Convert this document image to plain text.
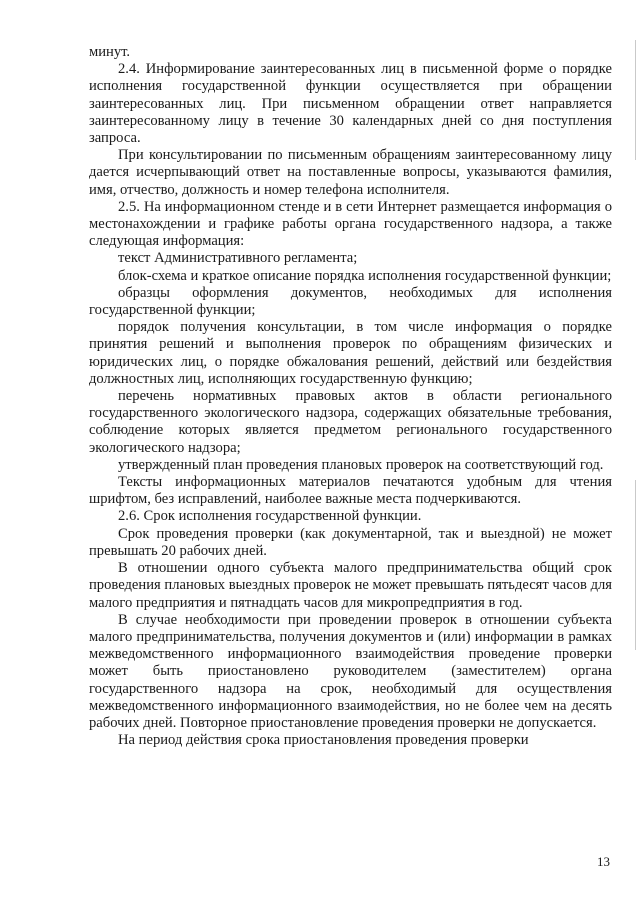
минут.

2.4. Информирование заинтересованных лиц в письменной форме о порядке исполнения государственной функции осуществляется при обращении заинтересованных лиц. При письменном обращении ответ направляется заинтересованному лицу в течение 30 календарных дней со дня поступления запроса.

При консультировании по письменным обращениям заинтересованному лицу дается исчерпывающий ответ на поставленные вопросы, указываются фамилия, имя, отчество, должность и номер телефона исполнителя.

2.5. На информационном стенде и в сети Интернет размещается информация о местонахождении и графике работы органа государственного надзора, а также следующая информация:

текст Административного регламента;

блок-схема и краткое описание порядка исполнения государственной функции;

образцы оформления документов, необходимых для исполнения государственной функции;

порядок получения консультации, в том числе информация о порядке принятия решений и выполнения проверок по обращениям физических и юридических лиц, о порядке обжалования решений, действий или бездействия должностных лиц, исполняющих государственную функцию;

перечень нормативных правовых актов в области регионального государственного экологического надзора, содержащих обязательные требования, соблюдение которых является предметом регионального государственного экологического надзора;

утвержденный план проведения плановых проверок на соответствующий год.

Тексты информационных материалов печатаются удобным для чтения шрифтом, без исправлений, наиболее важные места подчеркиваются.

2.6. Срок исполнения государственной функции.

Срок проведения проверки (как документарной, так и выездной) не может превышать 20 рабочих дней.

В отношении одного субъекта малого предпринимательства общий срок проведения плановых выездных проверок не может превышать пятьдесят часов для малого предприятия и пятнадцать часов для микропредприятия в год.

В случае необходимости при проведении проверок в отношении субъекта малого предпринимательства, получения документов и (или) информации в рамках межведомственного информационного взаимодействия проведение проверки может быть приостановлено руководителем (заместителем) органа государственного надзора на срок, необходимый для осуществления межведомственного информационного взаимодействия, но не более чем на десять рабочих дней. Повторное приостановление проведения проверки не допускается.

На период действия срока приостановления проведения проверки

13
